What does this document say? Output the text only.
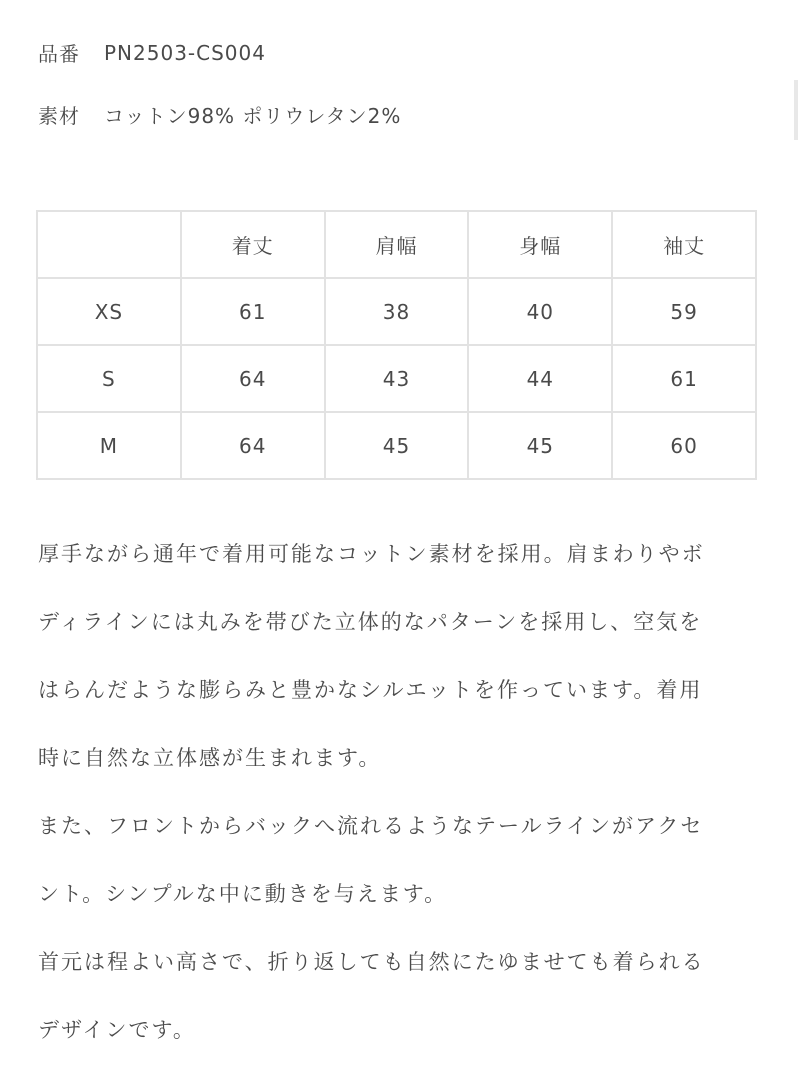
品番	PN2503-CS004
素材	コットン98% ポリウレタン2%
	着丈	肩幅	身幅	袖丈
XS	61	38	40	59
S	64	43	44	61
M	64	45	45	60

厚手ながら通年で着用可能なコットン素材を採用。肩まわりやボ

ディラインには丸みを帯びた立体的なパターンを採用し、空気を

はらんだような膨らみと豊かなシルエットを作っています。着用

時に自然な立体感が生まれます。

また、フロントからバックへ流れるようなテールラインがアクセ

ント。シンプルな中に動きを与えます。

首元は程よい高さで、折り返しても自然にたゆませても着られる

デザインです。
